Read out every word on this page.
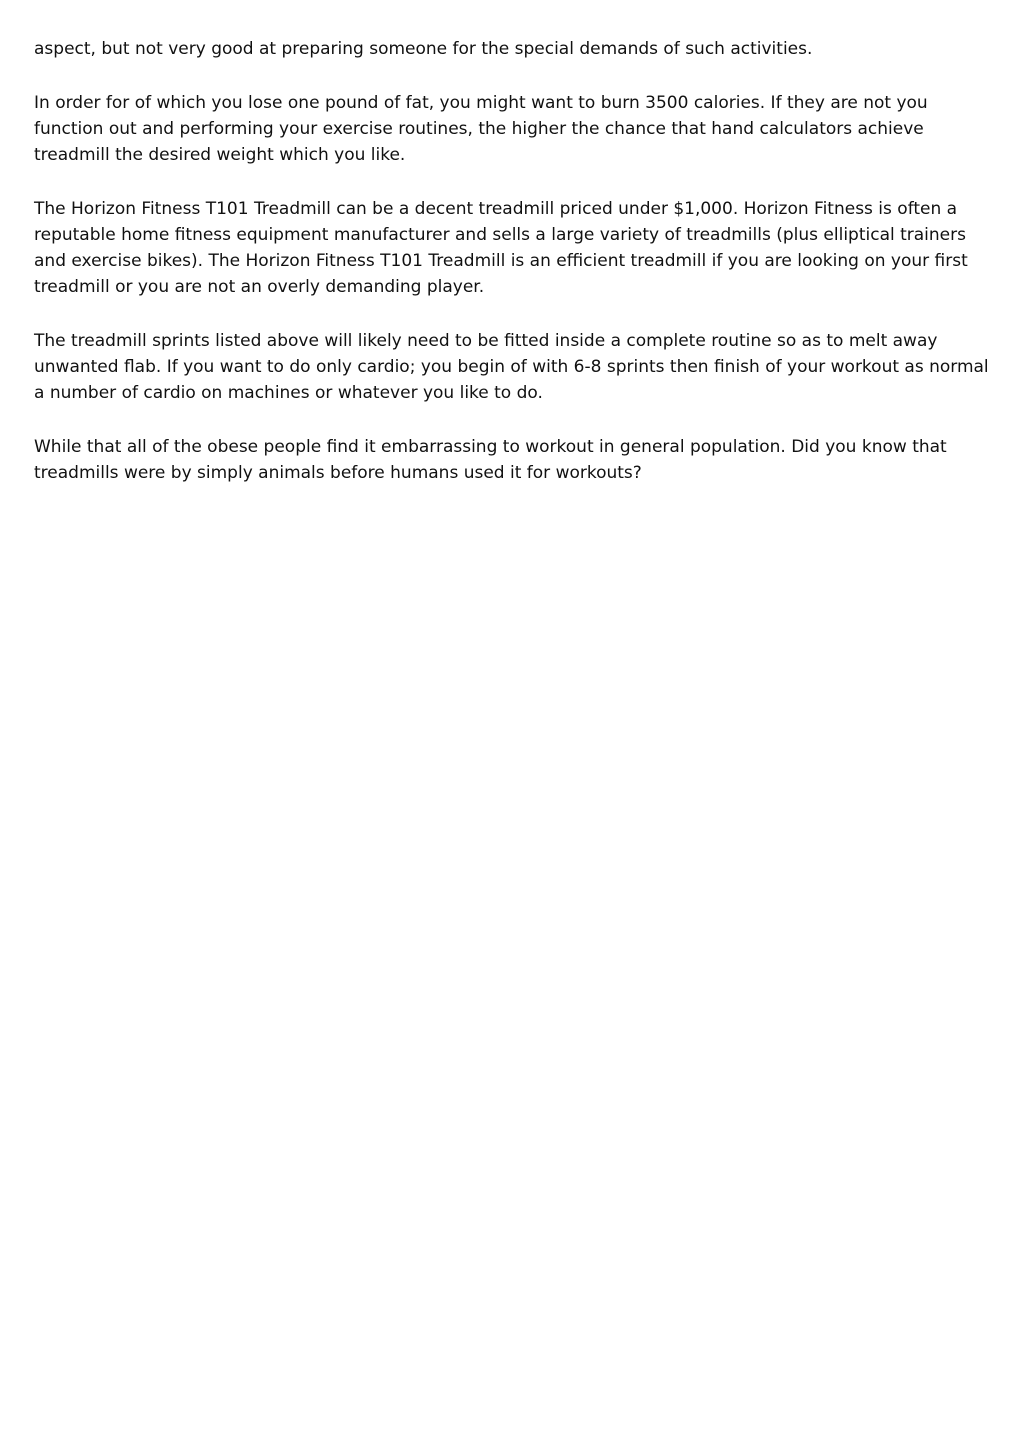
aspect, but not very good at preparing someone for the special demands of such activities.

In order for of which you lose one pound of fat, you might want to burn 3500 calories. If they are not you function out and performing your exercise routines, the higher the chance that hand calculators achieve treadmill the desired weight which you like.

The Horizon Fitness T101 Treadmill can be a decent treadmill priced under $1,000. Horizon Fitness is often a reputable home fitness equipment manufacturer and sells a large variety of treadmills (plus elliptical trainers and exercise bikes). The Horizon Fitness T101 Treadmill is an efficient treadmill if you are looking on your first treadmill or you are not an overly demanding player.

The treadmill sprints listed above will likely need to be fitted inside a complete routine so as to melt away unwanted flab. If you want to do only cardio; you begin of with 6-8 sprints then finish of your workout as normal a number of cardio on machines or whatever you like to do.

While that all of the obese people find it embarrassing to workout in general population. Did you know that treadmills were by simply animals before humans used it for workouts?
